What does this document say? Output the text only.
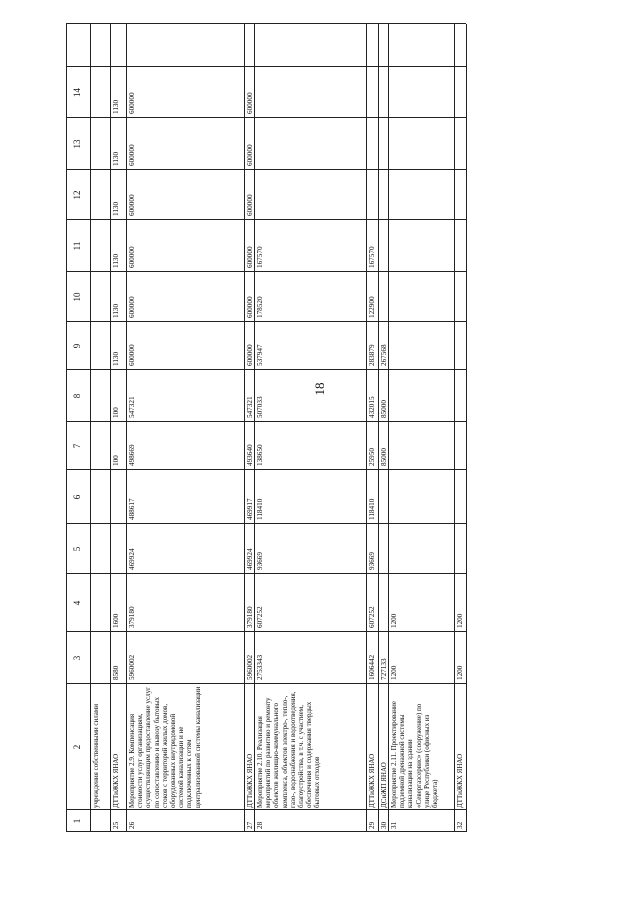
18
1
2
3
4
5
6
7
8
9
10
11
12
13
14
учреждения собственными силами
25
ДТТиЖКХ ЯНАО
8580
1600
100
100
1130
1130
1130
1130
1130
1130
26
Мероприятие 2.9. Компенсация стоимости услуг организациям, осуществляющим предоставление услуг по сопоставлению и вывозу бытовых стоков с территорий жилых домов, оборудованных внутридомовой системой канализации и не подключенных к сетям централизованной системы канализации
5960002
379180
469924
488617
498669
547321
600000
600000
600000
600000
600000
600000
27
ДТТиЖКХ ЯНАО
5960002
379180
469924
469917
493640
547321
600000
600000
600000
600000
600000
600000
28
Мероприятие 2.10. Реализация мероприятий по развитию и ремонту объектов жилищно-коммунального комплекса, объектов электро-, тепло-, газо-, водоснабжения и водоотведения, благоустройства, в т.ч. с участием, обеспечения и содержания твердых бытовых отходов
2753343
607252
93669
118410
138650
507033
537947
178520
167570
29
ДТТиЖКХ ЯНАО
1606442
607252
93669
118410
25950
432015
283879
122900
167570
30
ДСиЖП ЯНАО
727133
85000
85000
267568
31
Мероприятие 2.11. Проектирование подземной дренажной системы канализации на здании «Севергазсервис» (сооружение) по улице Республики (офисных из бюджета)
1200
1200
32
ДТТиЖКХ ЯНАО
1200
1200
